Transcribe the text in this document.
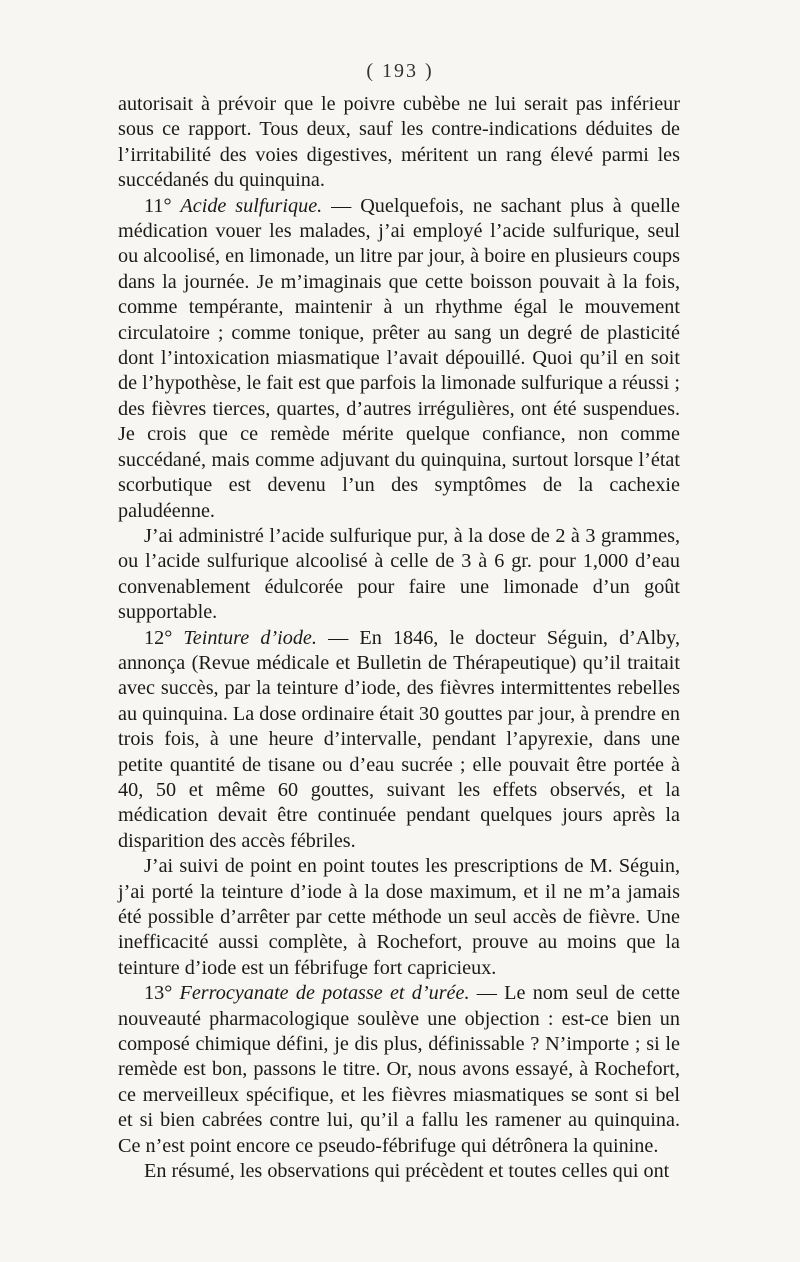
( 193 )

autorisait à prévoir que le poivre cubèbe ne lui serait pas inférieur sous ce rapport. Tous deux, sauf les contre-indications déduites de l’irritabilité des voies digestives, méritent un rang élevé parmi les succédanés du quinquina.

11° Acide sulfurique. — Quelquefois, ne sachant plus à quelle médication vouer les malades, j’ai employé l’acide sulfurique, seul ou alcoolisé, en limonade, un litre par jour, à boire en plusieurs coups dans la journée. Je m’imaginais que cette boisson pouvait à la fois, comme tempérante, maintenir à un rhythme égal le mouvement circulatoire ; comme tonique, prêter au sang un degré de plasticité dont l’intoxication miasmatique l’avait dépouillé. Quoi qu’il en soit de l’hypothèse, le fait est que parfois la limonade sulfurique a réussi ; des fièvres tierces, quartes, d’autres irrégulières, ont été suspendues. Je crois que ce remède mérite quelque confiance, non comme succédané, mais comme adjuvant du quinquina, surtout lorsque l’état scorbutique est devenu l’un des symptômes de la cachexie paludéenne.

J’ai administré l’acide sulfurique pur, à la dose de 2 à 3 grammes, ou l’acide sulfurique alcoolisé à celle de 3 à 6 gr. pour 1,000 d’eau convenablement édulcorée pour faire une limonade d’un goût supportable.

12° Teinture d’iode. — En 1846, le docteur Séguin, d’Alby, annonça (Revue médicale et Bulletin de Thérapeutique) qu’il traitait avec succès, par la teinture d’iode, des fièvres intermittentes rebelles au quinquina. La dose ordinaire était 30 gouttes par jour, à prendre en trois fois, à une heure d’intervalle, pendant l’apyrexie, dans une petite quantité de tisane ou d’eau sucrée ; elle pouvait être portée à 40, 50 et même 60 gouttes, suivant les effets observés, et la médication devait être continuée pendant quelques jours après la disparition des accès fébriles.

J’ai suivi de point en point toutes les prescriptions de M. Séguin, j’ai porté la teinture d’iode à la dose maximum, et il ne m’a jamais été possible d’arrêter par cette méthode un seul accès de fièvre. Une inefficacité aussi complète, à Rochefort, prouve au moins que la teinture d’iode est un fébrifuge fort capricieux.

13° Ferrocyanate de potasse et d’urée. — Le nom seul de cette nouveauté pharmacologique soulève une objection : est-ce bien un composé chimique défini, je dis plus, définissable ? N’importe ; si le remède est bon, passons le titre. Or, nous avons essayé, à Rochefort, ce merveilleux spécifique, et les fièvres miasmatiques se sont si bel et si bien cabrées contre lui, qu’il a fallu les ramener au quinquina. Ce n’est point encore ce pseudo-fébrifuge qui détrônera la quinine.

En résumé, les observations qui précèdent et toutes celles qui ont
